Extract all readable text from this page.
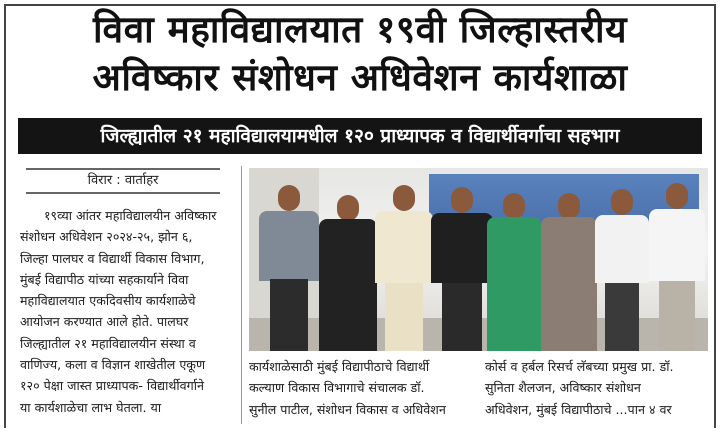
विवा महाविद्यालयात १९वी जिल्हास्तरीय
अविष्कार संशोधन अधिवेशन कार्यशाळा
जिल्ह्यातील २१ महाविद्यालयामधील १२० प्राध्यापक व विद्यार्थीवर्गाचा सहभाग
विरार : वार्ताहर
१९व्या आंतर महाविद्यालयीन अविष्कार
संशोधन अधिवेशन २०२४-२५, झोन ६,
जिल्हा पालघर व विद्यार्थी विकास विभाग,
मुंबई विद्यापीठ यांच्या सहकार्याने विवा
महाविद्यालयात एकदिवसीय कार्यशाळेचे
आयोजन करण्यात आले होते. पालघर
जिल्ह्यातील २१ महाविद्यालयीन संस्था व
वाणिज्य, कला व विज्ञान शाखेतील एकूण
१२० पेक्षा जास्त प्राध्यापक- विद्यार्थीवर्गाने
या कार्यशाळेचा लाभ घेतला. या
कार्यशाळेसाठी मुंबई विद्यापीठाचे विद्यार्थी
कल्याण विकास विभागाचे संचालक डॉ.
सुनील पाटील, संशोधन विकास व अधिवेशन
कोर्स व हर्बल रिसर्च लॅबच्या प्रमुख प्रा. डॉ.
सुनिता शैलजन, अविष्कार संशोधन
अधिवेशन, मुंबई विद्यापीठाचे ...पान ४ वर
